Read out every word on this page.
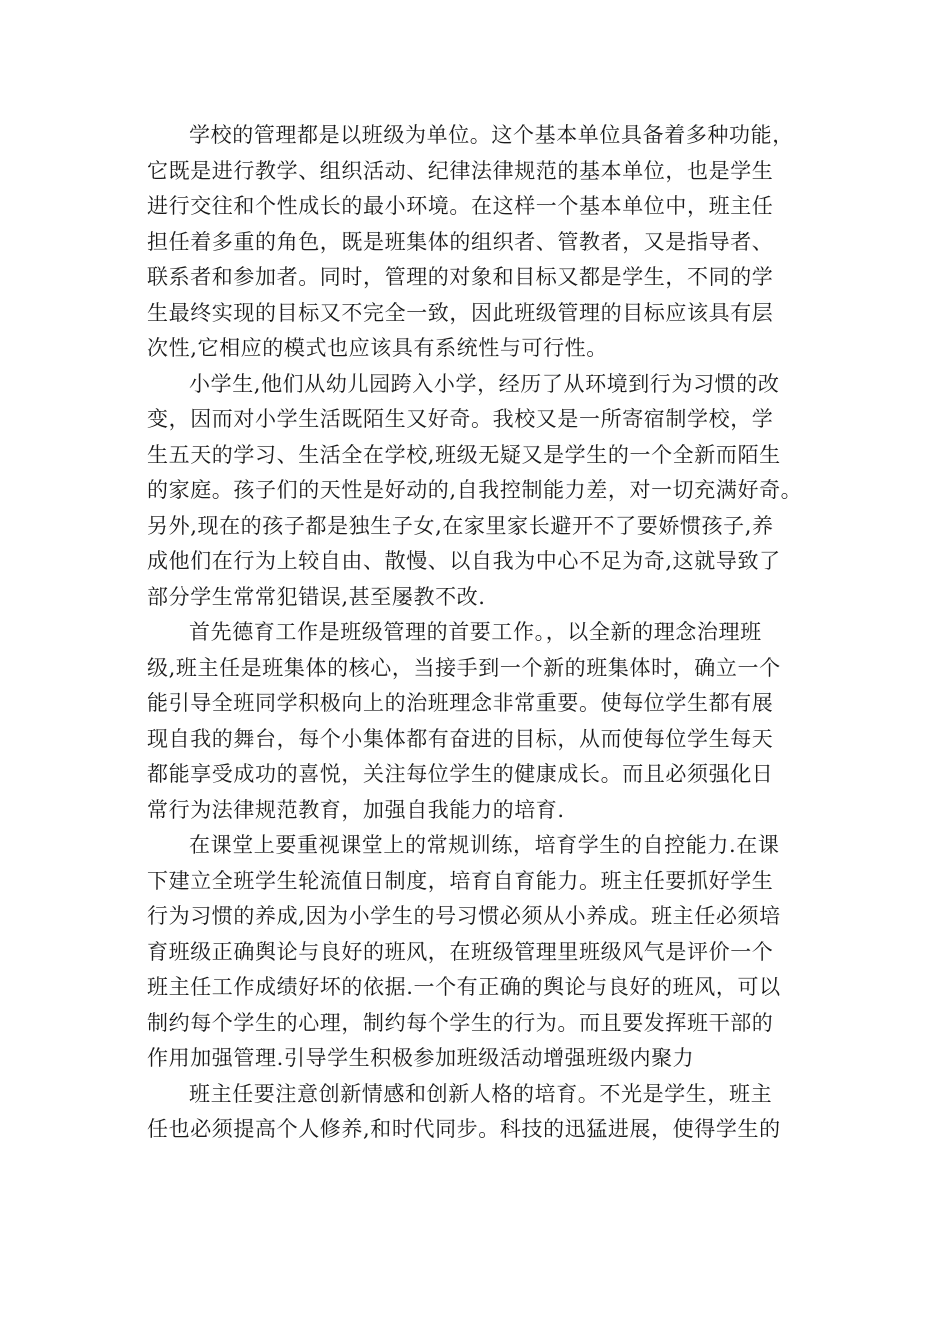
学校的管理都是以班级为单位。这个基本单位具备着多种功能，
它既是进行教学、组织活动、纪律法律规范的基本单位，也是学生
进行交往和个性成长的最小环境。在这样一个基本单位中，班主任
担任着多重的角色，既是班集体的组织者、管教者，又是指导者、
联系者和参加者。同时，管理的对象和目标又都是学生，不同的学
生最终实现的目标又不完全一致，因此班级管理的目标应该具有层
次性,它相应的模式也应该具有系统性与可行性。
小学生,他们从幼儿园跨入小学，经历了从环境到行为习惯的改
变，因而对小学生活既陌生又好奇。我校又是一所寄宿制学校，学
生五天的学习、生活全在学校,班级无疑又是学生的一个全新而陌生
的家庭。孩子们的天性是好动的,自我控制能力差，对一切充满好奇。
另外,现在的孩子都是独生子女,在家里家长避开不了要娇惯孩子,养
成他们在行为上较自由、散慢、以自我为中心不足为奇,这就导致了
部分学生常常犯错误,甚至屡教不改.
首先德育工作是班级管理的首要工作。，以全新的理念治理班
级,班主任是班集体的核心，当接手到一个新的班集体时，确立一个
能引导全班同学积极向上的治班理念非常重要。使每位学生都有展
现自我的舞台，每个小集体都有奋进的目标，从而使每位学生每天
都能享受成功的喜悦，关注每位学生的健康成长。而且必须强化日
常行为法律规范教育，加强自我能力的培育.
在课堂上要重视课堂上的常规训练，培育学生的自控能力.在课
下建立全班学生轮流值日制度，培育自育能力。班主任要抓好学生
行为习惯的养成,因为小学生的号习惯必须从小养成。班主任必须培
育班级正确舆论与良好的班风，在班级管理里班级风气是评价一个
班主任工作成绩好坏的依据.一个有正确的舆论与良好的班风，可以
制约每个学生的心理，制约每个学生的行为。而且要发挥班干部的
作用加强管理.引导学生积极参加班级活动增强班级内聚力
班主任要注意创新情感和创新人格的培育。不光是学生，班主
任也必须提高个人修养,和时代同步。科技的迅猛进展，使得学生的
